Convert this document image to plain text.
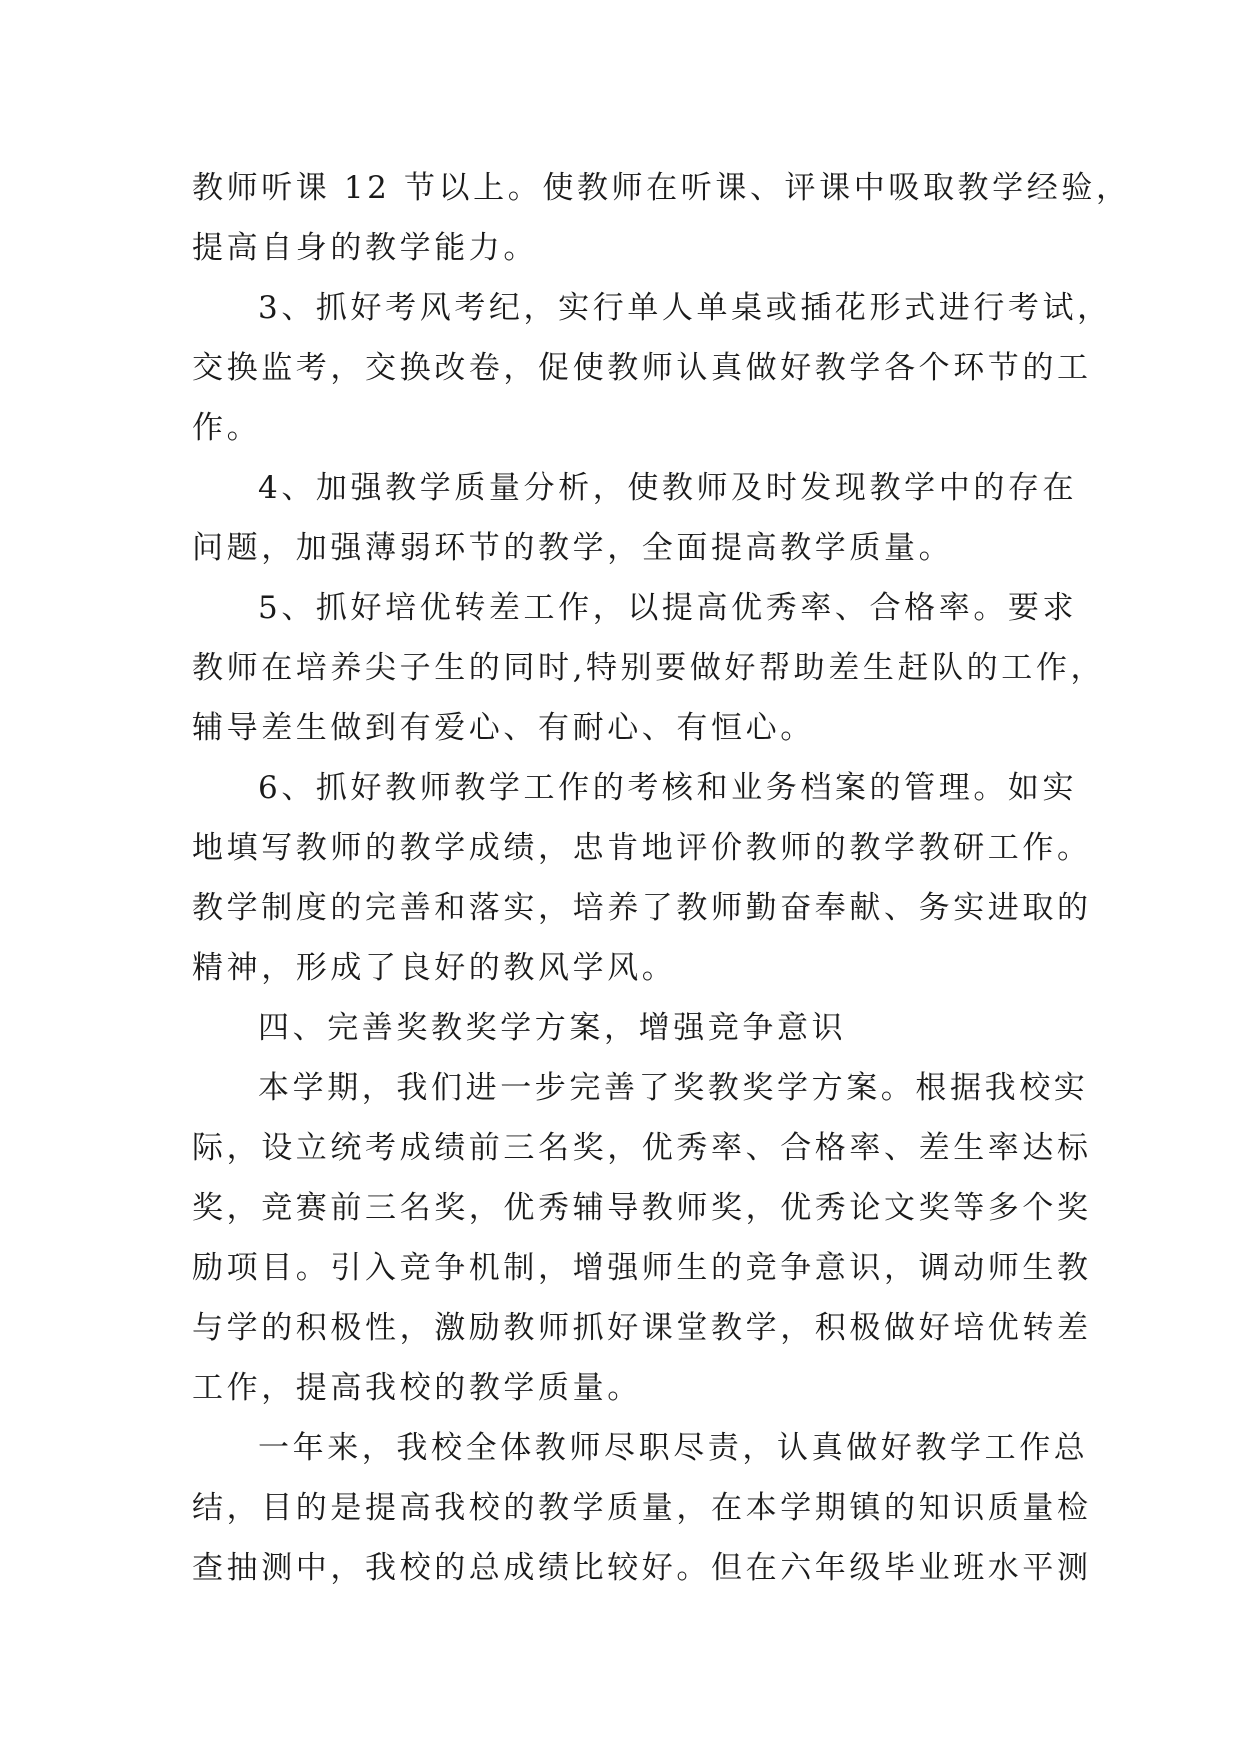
教师听课 12 节以上。使教师在听课、评课中吸取教学经验，
提高自身的教学能力。
3、抓好考风考纪，实行单人单桌或插花形式进行考试，
交换监考，交换改卷，促使教师认真做好教学各个环节的工
作。
4、加强教学质量分析，使教师及时发现教学中的存在
问题，加强薄弱环节的教学，全面提高教学质量。
5、抓好培优转差工作，以提高优秀率、合格率。要求
教师在培养尖子生的同时,特别要做好帮助差生赶队的工作，
辅导差生做到有爱心、有耐心、有恒心。
6、抓好教师教学工作的考核和业务档案的管理。如实
地填写教师的教学成绩，忠肯地评价教师的教学教研工作。
教学制度的完善和落实，培养了教师勤奋奉献、务实进取的
精神，形成了良好的教风学风。
四、完善奖教奖学方案，增强竞争意识
本学期，我们进一步完善了奖教奖学方案。根据我校实
际，设立统考成绩前三名奖，优秀率、合格率、差生率达标
奖，竞赛前三名奖，优秀辅导教师奖，优秀论文奖等多个奖
励项目。引入竞争机制，增强师生的竞争意识，调动师生教
与学的积极性，激励教师抓好课堂教学，积极做好培优转差
工作，提高我校的教学质量。
一年来，我校全体教师尽职尽责，认真做好教学工作总
结，目的是提高我校的教学质量，在本学期镇的知识质量检
查抽测中，我校的总成绩比较好。但在六年级毕业班水平测
